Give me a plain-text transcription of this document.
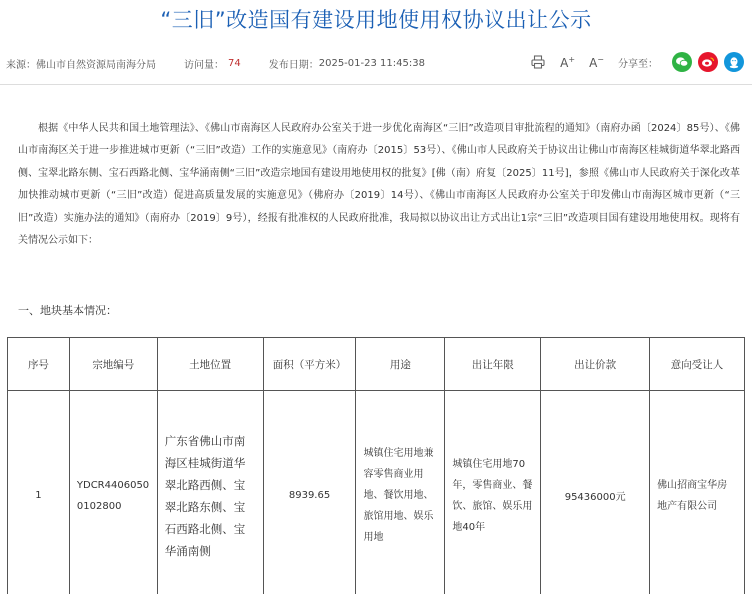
“三旧”改造国有建设用地使用权协议出让公示
来源： 佛山市自然资源局南海分局	访问量： 74	发布日期： 2025-01-23 11:45:38	A+ A− 分享至：

根据《中华人民共和国土地管理法》、《佛山市南海区人民政府办公室关于进一步优化南海区“三旧”改造项目审批流程的通知》（南府办函〔2024〕85号）、《佛山市南海区关于进一步推进城市更新（“三旧”改造）工作的实施意见》（南府办〔2015〕53号）、《佛山市人民政府关于协议出让佛山市南海区桂城街道华翠北路西侧、宝翠北路东侧、宝石西路北侧、宝华涌南侧“三旧”改造宗地国有建设用地使用权的批复》[佛（南）府复〔2025〕11号]，参照《佛山市人民政府关于深化改革加快推动城市更新（“三旧”改造）促进高质量发展的实施意见》（佛府办〔2019〕14号）、《佛山市南海区人民政府办公室关于印发佛山市南海区城市更新（“三旧”改造）实施办法的通知》（南府办〔2019〕9号），经报有批准权的人民政府批准，我局拟以协议出让方式出让1宗“三旧”改造项目国有建设用地使用权。现将有关情况公示如下：

一、地块基本情况：
序号	宗地编号	土地位置	面积（平方米）	用途	出让年限	出让价款	意向受让人
1	YDCR44060500102800	广东省佛山市南海区桂城街道华翠北路西侧、宝翠北路东侧、宝石西路北侧、宝华涌南侧	8939.65	城镇住宅用地兼容零售商业用地、餐饮用地、旅馆用地、娱乐用地	城镇住宅用地70年，零售商业、餐饮、旅馆、娱乐用地40年	95436000元	佛山招商宝华房地产有限公司
